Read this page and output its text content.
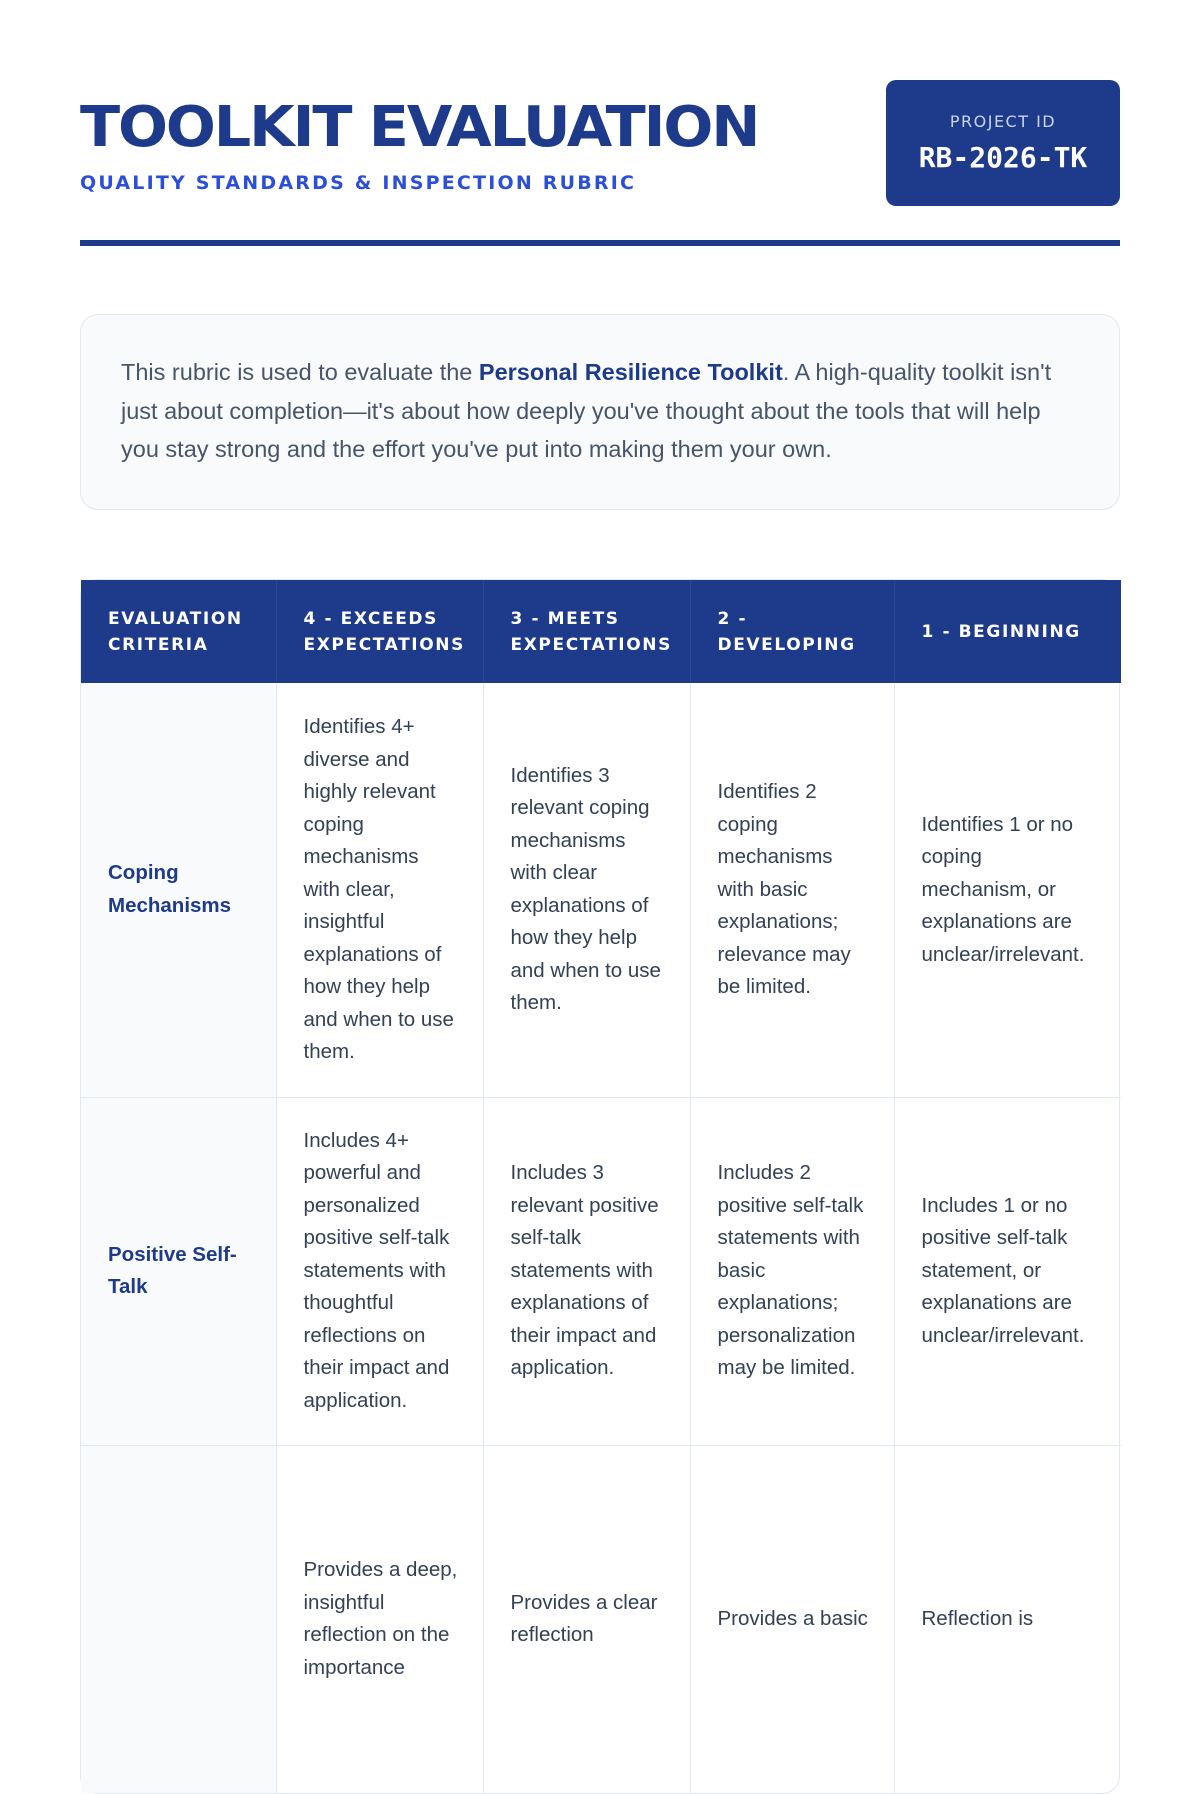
TOOLKIT EVALUATION
QUALITY STANDARDS & INSPECTION RUBRIC
PROJECT ID
RB-2026-TK
This rubric is used to evaluate the Personal Resilience Toolkit. A high-quality toolkit isn't just about completion—it's about how deeply you've thought about the tools that will help you stay strong and the effort you've put into making them your own.
EVALUATION CRITERIA	4 - EXCEEDS EXPECTATIONS	3 - MEETS EXPECTATIONS	2 - DEVELOPING	1 - BEGINNING
Coping Mechanisms	Identifies 4+ diverse and highly relevant coping mechanisms with clear, insightful explanations of how they help and when to use them.	Identifies 3 relevant coping mechanisms with clear explanations of how they help and when to use them.	Identifies 2 coping mechanisms with basic explanations; relevance may be limited.	Identifies 1 or no coping mechanism, or explanations are unclear/irrelevant.
Positive Self-Talk	Includes 4+ powerful and personalized positive self-talk statements with thoughtful reflections on their impact and application.	Includes 3 relevant positive self-talk statements with explanations of their impact and application.	Includes 2 positive self-talk statements with basic explanations; personalization may be limited.	Includes 1 or no positive self-talk statement, or explanations are unclear/irrelevant.
	Provides a deep, insightful reflection on the importance	Provides a clear reflection	Provides a basic	Reflection is
